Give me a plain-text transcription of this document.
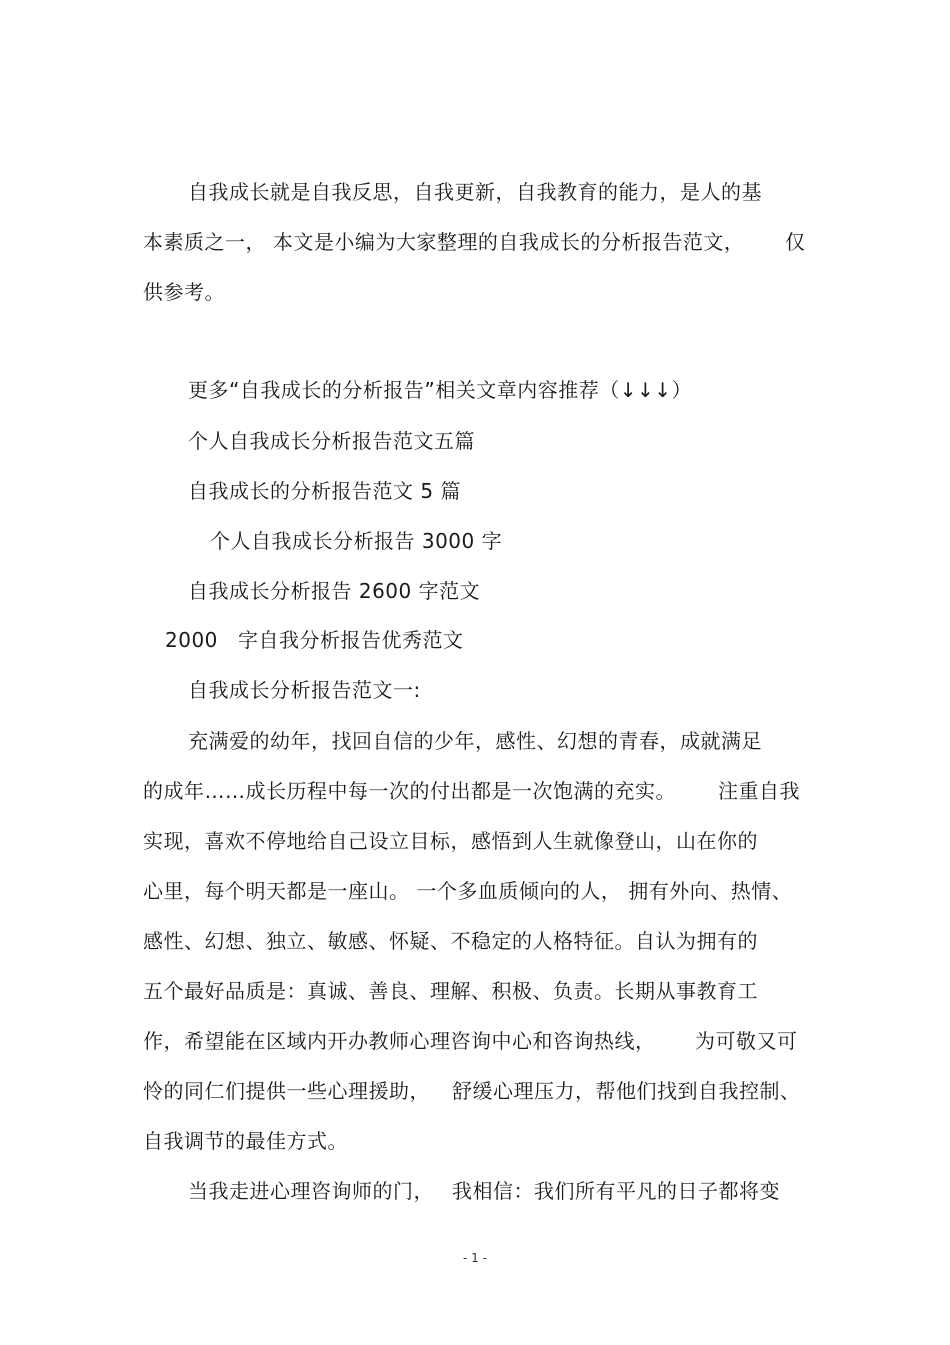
自我成长就是自我反思，自我更新，自我教育的能力，是人的基
本素质之一， 本文是小编为大家整理的自我成长的分析报告范文， 仅
供参考。
更多“自我成长的分析报告”相关文章内容推荐（↓↓↓）
个人自我成长分析报告范文五篇
自我成长的分析报告范文 5 篇
个人自我成长分析报告 3000 字
自我成长分析报告 2600 字范文
2000 字自我分析报告优秀范文
自我成长分析报告范文一:
充满爱的幼年，找回自信的少年，感性、幻想的青春，成就满足
的成年……成长历程中每一次的付出都是一次饱满的充实。 注重自我
实现，喜欢不停地给自己设立目标，感悟到人生就像登山，山在你的
心里，每个明天都是一座山。 一个多血质倾向的人， 拥有外向、热情、
感性、幻想、独立、敏感、怀疑、不稳定的人格特征。自认为拥有的
五个最好品质是：真诚、善良、理解、积极、负责。长期从事教育工
作，希望能在区域内开办教师心理咨询中心和咨询热线， 为可敬又可
怜的同仁们提供一些心理援助， 舒缓心理压力，帮他们找到自我控制、
自我调节的最佳方式。
当我走进心理咨询师的门， 我相信：我们所有平凡的日子都将变
- 1 -
